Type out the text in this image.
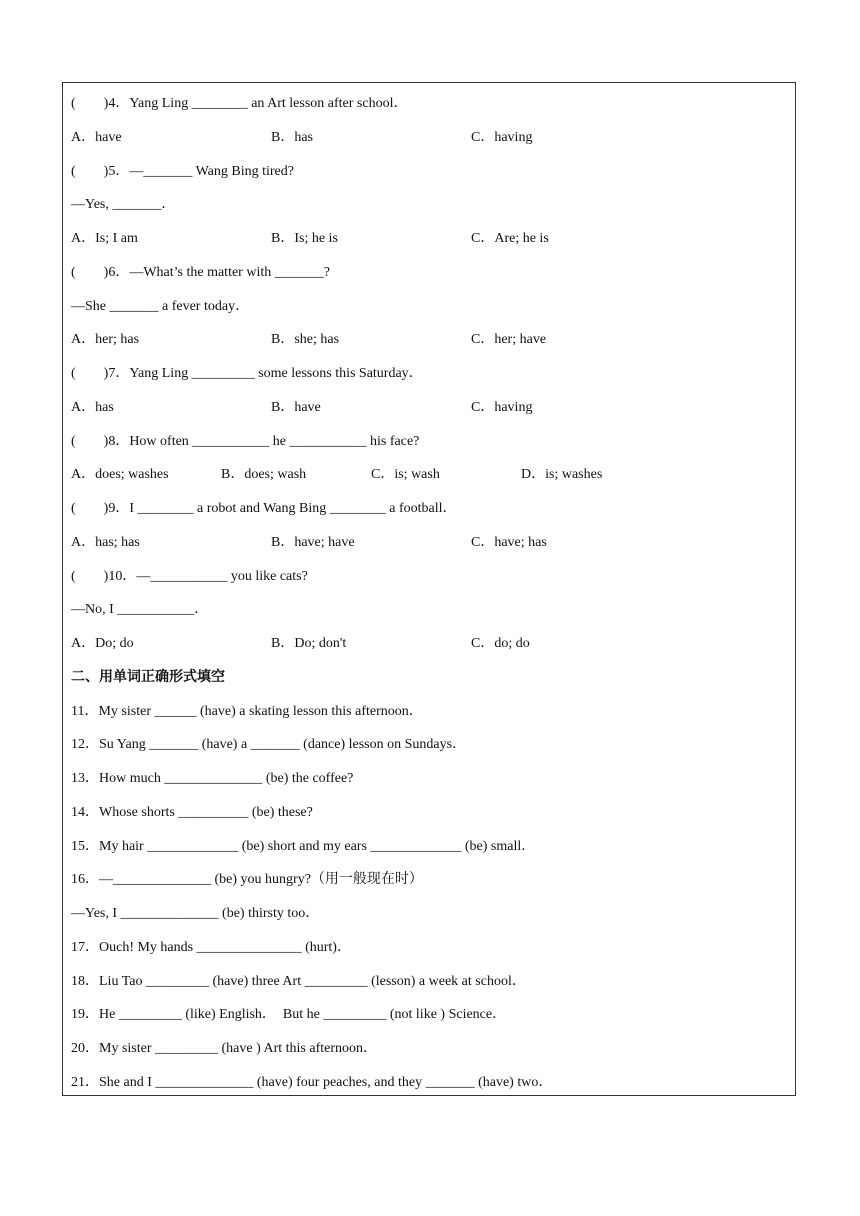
(        )4．Yang Ling ________ an Art lesson after school．

A．have

	B．has

	C．having

(        )5．—_______ Wang Bing tired?
—Yes, _______．

A．Is; I am

	B．Is; he is

	C．Are; he is

(        )6．—What’s the matter with _______?
—She _______ a fever today．

A．her; has

	B．she; has

	C．her; have

(        )7．Yang Ling _________ some lessons this Saturday．

A．has

	B．have

	C．having

(        )8．How often ___________ he ___________ his face?

A．does; washes

	B．does; wash

	C．is; wash

	D．is; washes

(        )9．I ________ a robot and Wang Bing ________ a football．

A．has; has

	B．have; have

	C．have; has

(        )10．—___________ you like cats?
—No, I ___________．

A．Do; do

	B．Do; don't

	C．do; do

二、用单词正确形式填空
11．My sister ______ (have) a skating lesson this afternoon．
12．Su Yang _______ (have) a _______ (dance) lesson on Sundays．
13．How much ______________ (be) the coffee?
14．Whose shorts __________ (be) these?
15．My hair _____________ (be) short and my ears _____________ (be) small．
16．—______________ (be) you hungry?（用一般现在时）
—Yes, I ______________ (be) thirsty too．
17．Ouch! My hands _______________ (hurt)．
18．Liu Tao _________ (have) three Art _________ (lesson) a week at school．
19．He _________ (like) English．  But he _________ (not like ) Science．
20．My sister _________ (have ) Art this afternoon．
21．She and I ______________ (have) four peaches, and they _______ (have) two．
